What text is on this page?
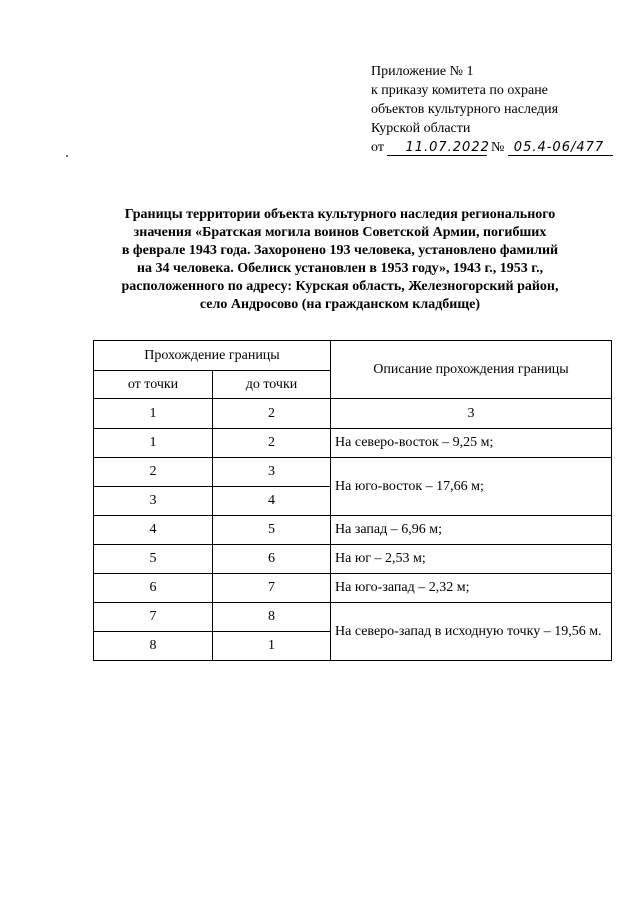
Приложение № 1
к приказу комитета по охране
объектов культурного наследия
Курской области
от 11.07.2022 № 05.4-06/477
Границы территории объекта культурного наследия регионального
значения «Братская могила воинов Советской Армии, погибших
в феврале 1943 года. Захоронено 193 человека, установлено фамилий
на 34 человека. Обелиск установлен в 1953 году», 1943 г., 1953 г.,
расположенного по адресу: Курская область, Железногорский район,
село Андросово (на гражданском кладбище)
Прохождение границы		Описание прохождения границы
от точки	до точки	
1	2	3
1	2	На северо-восток – 9,25 м;
2	3	На юго-восток – 17,66 м;
3	4	
4	5	На запад – 6,96 м;
5	6	На юг – 2,53 м;
6	7	На юго-запад – 2,32 м;
7	8	На северо-запад в исходную точку – 19,56 м.
8	1	
